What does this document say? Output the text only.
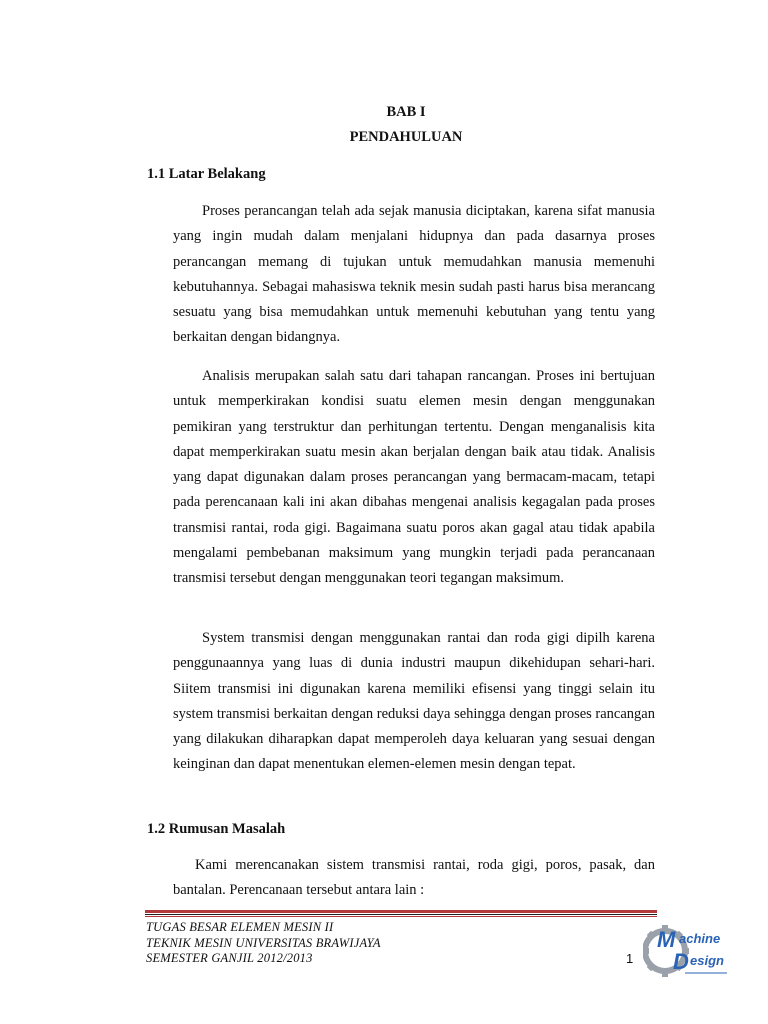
BAB I
PENDAHULUAN
1.1 Latar Belakang

Proses perancangan telah ada sejak manusia diciptakan, karena sifat manusia yang ingin mudah dalam menjalani hidupnya dan pada dasarnya proses perancangan memang di tujukan untuk memudahkan manusia memenuhi kebutuhannya. Sebagai mahasiswa teknik mesin sudah pasti harus bisa merancang sesuatu yang bisa memudahkan untuk memenuhi kebutuhan yang tentu yang berkaitan dengan bidangnya.

Analisis merupakan salah satu dari tahapan rancangan. Proses ini bertujuan untuk memperkirakan kondisi suatu elemen mesin dengan menggunakan pemikiran yang terstruktur dan perhitungan tertentu. Dengan menganalisis kita dapat memperkirakan suatu mesin akan berjalan dengan baik atau tidak. Analisis yang dapat digunakan dalam proses perancangan yang bermacam-macam, tetapi pada perencanaan kali ini akan dibahas mengenai analisis kegagalan pada proses transmisi rantai, roda gigi. Bagaimana suatu poros akan gagal atau tidak apabila mengalami pembebanan maksimum yang mungkin terjadi pada perancanaan transmisi tersebut dengan menggunakan teori tegangan maksimum.

System transmisi dengan menggunakan rantai dan roda gigi dipilh karena penggunaannya yang luas di dunia industri maupun dikehidupan sehari-hari. Siitem transmisi ini digunakan karena memiliki efisensi yang tinggi selain itu system transmisi berkaitan dengan reduksi daya sehingga dengan proses rancangan yang dilakukan diharapkan dapat memperoleh daya keluaran yang sesuai dengan keinginan dan dapat menentukan elemen-elemen mesin dengan tepat.

1.2 Rumusan Masalah

Kami merencanakan sistem transmisi rantai, roda gigi, poros, pasak, dan bantalan. Perencanaan tersebut antara lain :

TUGAS BESAR ELEMEN MESIN II

TEKNIK MESIN UNIVERSITAS BRAWIJAYA

SEMESTER GANJIL 2012/2013	1
M achine
D esign
